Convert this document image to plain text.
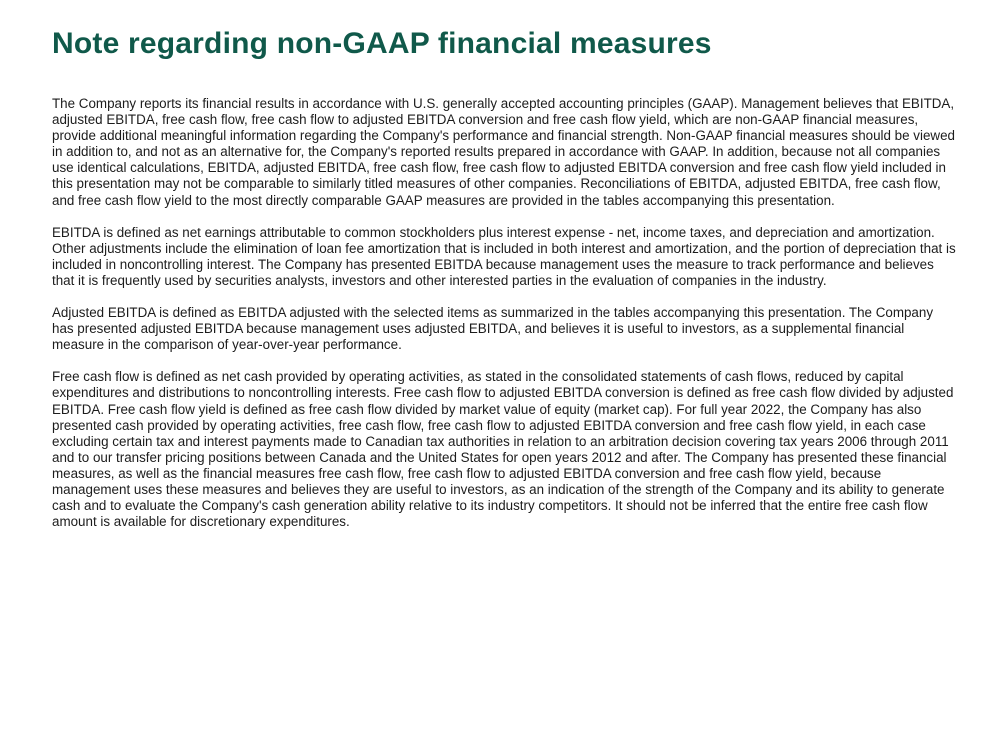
Note regarding non-GAAP financial measures

The Company reports its financial results in accordance with U.S. generally accepted accounting principles (GAAP). Management believes that EBITDA, adjusted EBITDA, free cash flow, free cash flow to adjusted EBITDA conversion and free cash flow yield, which are non-GAAP financial measures, provide additional meaningful information regarding the Company's performance and financial strength. Non-GAAP financial measures should be viewed in addition to, and not as an alternative for, the Company's reported results prepared in accordance with GAAP. In addition, because not all companies use identical calculations, EBITDA, adjusted EBITDA, free cash flow, free cash flow to adjusted EBITDA conversion and free cash flow yield included in this presentation may not be comparable to similarly titled measures of other companies. Reconciliations of EBITDA, adjusted EBITDA, free cash flow, and free cash flow yield to the most directly comparable GAAP measures are provided in the tables accompanying this presentation.

EBITDA is defined as net earnings attributable to common stockholders plus interest expense - net, income taxes, and depreciation and amortization. Other adjustments include the elimination of loan fee amortization that is included in both interest and amortization, and the portion of depreciation that is included in noncontrolling interest. The Company has presented EBITDA because management uses the measure to track performance and believes that it is frequently used by securities analysts, investors and other interested parties in the evaluation of companies in the industry.

Adjusted EBITDA is defined as EBITDA adjusted with the selected items as summarized in the tables accompanying this presentation. The Company has presented adjusted EBITDA because management uses adjusted EBITDA, and believes it is useful to investors, as a supplemental financial measure in the comparison of year-over-year performance.

Free cash flow is defined as net cash provided by operating activities, as stated in the consolidated statements of cash flows, reduced by capital expenditures and distributions to noncontrolling interests. Free cash flow to adjusted EBITDA conversion is defined as free cash flow divided by adjusted EBITDA. Free cash flow yield is defined as free cash flow divided by market value of equity (market cap). For full year 2022, the Company has also presented cash provided by operating activities, free cash flow, free cash flow to adjusted EBITDA conversion and free cash flow yield, in each case excluding certain tax and interest payments made to Canadian tax authorities in relation to an arbitration decision covering tax years 2006 through 2011 and to our transfer pricing positions between Canada and the United States for open years 2012 and after. The Company has presented these financial measures, as well as the financial measures free cash flow, free cash flow to adjusted EBITDA conversion and free cash flow yield, because management uses these measures and believes they are useful to investors, as an indication of the strength of the Company and its ability to generate cash and to evaluate the Company's cash generation ability relative to its industry competitors. It should not be inferred that the entire free cash flow amount is available for discretionary expenditures.
